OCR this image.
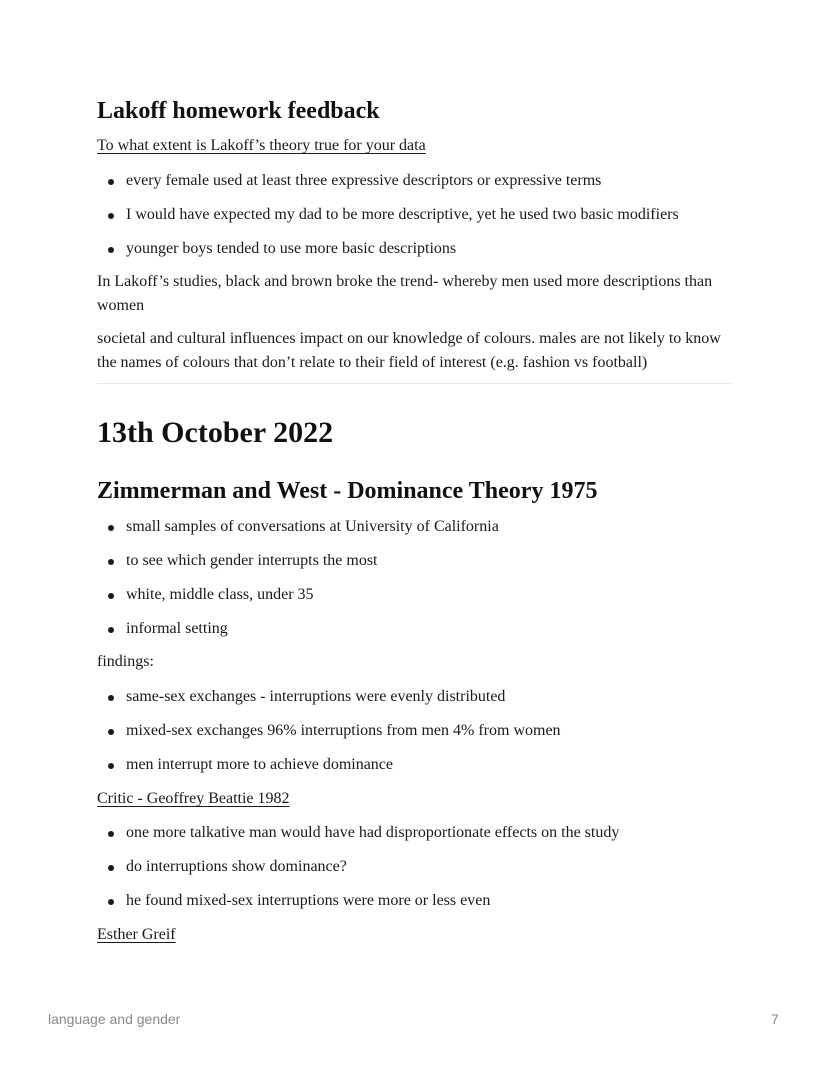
Lakoff homework feedback

To what extent is Lakoff’s theory true for your data

every female used at least three expressive descriptors or expressive terms
I would have expected my dad to be more descriptive, yet he used two basic modifiers
younger boys tended to use more basic descriptions

In Lakoff’s studies, black and brown broke the trend- whereby men used more descriptions than women

societal and cultural influences impact on our knowledge of colours. males are not likely to know the names of colours that don’t relate to their field of interest (e.g. fashion vs football)

13th October 2022
Zimmerman and West - Dominance Theory 1975
small samples of conversations at University of California
to see which gender interrupts the most
white, middle class, under 35
informal setting

findings:

same-sex exchanges - interruptions were evenly distributed
mixed-sex exchanges 96% interruptions from men 4% from women
men interrupt more to achieve dominance

Critic - Geoffrey Beattie 1982

one more talkative man would have had disproportionate effects on the study
do interruptions show dominance?
he found mixed-sex interruptions were more or less even

Esther Greif

language and gender	7
